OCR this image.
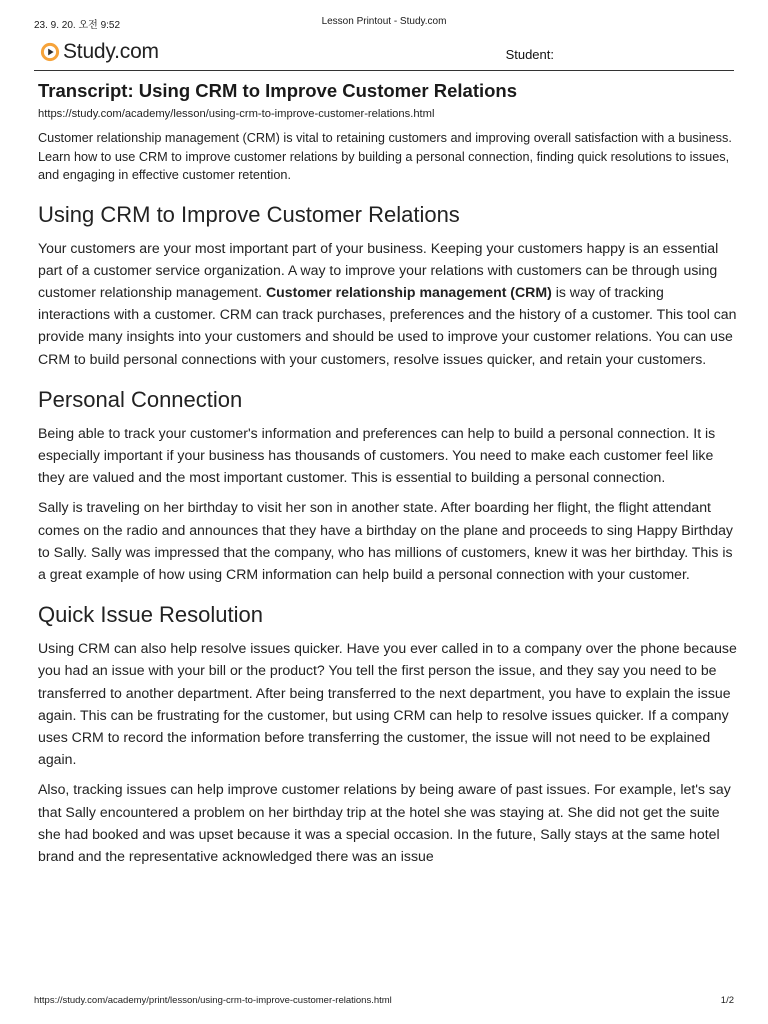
23. 9. 20. 오전 9:52	Lesson Printout - Study.com
Study.com	Student:
Transcript: Using CRM to Improve Customer Relations
https://study.com/academy/lesson/using-crm-to-improve-customer-relations.html

Customer relationship management (CRM) is vital to retaining customers and improving overall satisfaction with a business. Learn how to use CRM to improve customer relations by building a personal connection, finding quick resolutions to issues, and engaging in effective customer retention.

Using CRM to Improve Customer Relations

Your customers are your most important part of your business. Keeping your customers happy is an essential part of a customer service organization. A way to improve your relations with customers can be through using customer relationship management. Customer relationship management (CRM) is way of tracking interactions with a customer. CRM can track purchases, preferences and the history of a customer. This tool can provide many insights into your customers and should be used to improve your customer relations. You can use CRM to build personal connections with your customers, resolve issues quicker, and retain your customers.

Personal Connection

Being able to track your customer's information and preferences can help to build a personal connection. It is especially important if your business has thousands of customers. You need to make each customer feel like they are valued and the most important customer. This is essential to building a personal connection.

Sally is traveling on her birthday to visit her son in another state. After boarding her flight, the flight attendant comes on the radio and announces that they have a birthday on the plane and proceeds to sing Happy Birthday to Sally. Sally was impressed that the company, who has millions of customers, knew it was her birthday. This is a great example of how using CRM information can help build a personal connection with your customer.

Quick Issue Resolution

Using CRM can also help resolve issues quicker. Have you ever called in to a company over the phone because you had an issue with your bill or the product? You tell the first person the issue, and they say you need to be transferred to another department. After being transferred to the next department, you have to explain the issue again. This can be frustrating for the customer, but using CRM can help to resolve issues quicker. If a company uses CRM to record the information before transferring the customer, the issue will not need to be explained again.

Also, tracking issues can help improve customer relations by being aware of past issues. For example, let's say that Sally encountered a problem on her birthday trip at the hotel she was staying at. She did not get the suite she had booked and was upset because it was a special occasion. In the future, Sally stays at the same hotel brand and the representative acknowledged there was an issue

https://study.com/academy/print/lesson/using-crm-to-improve-customer-relations.html	1/2
